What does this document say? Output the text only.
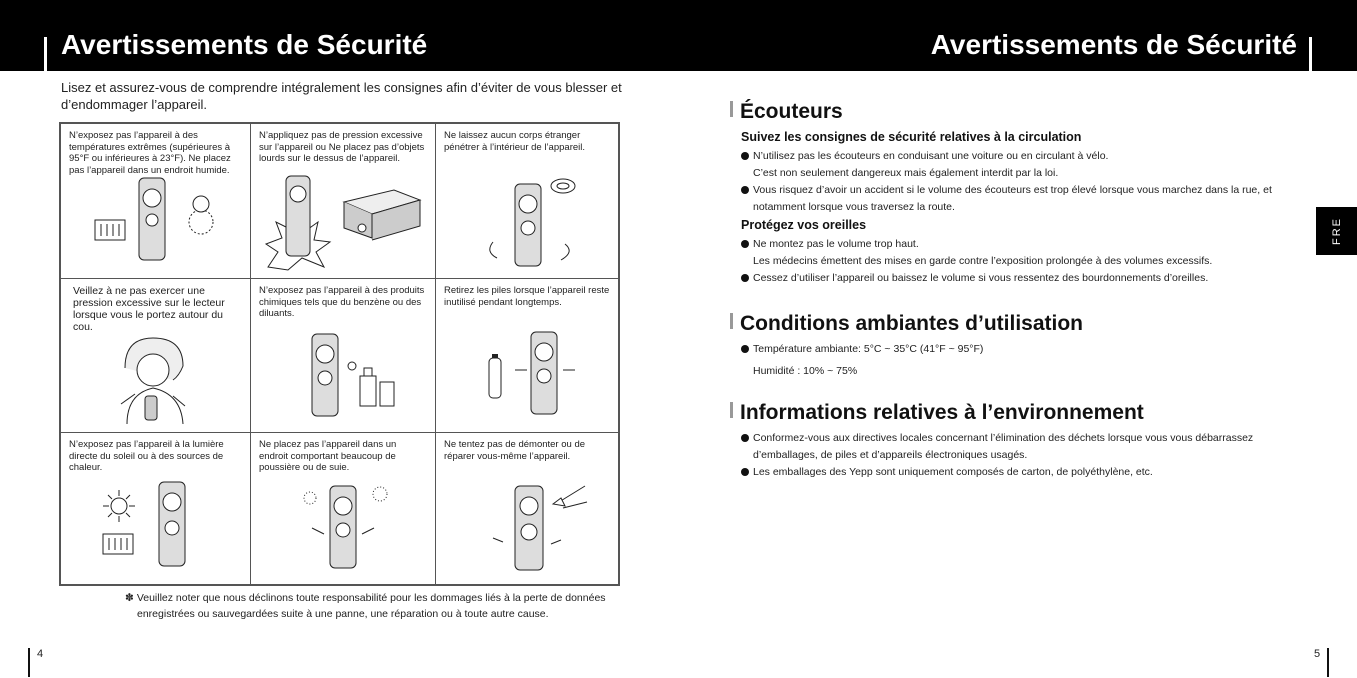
Avertissements de Sécurité	Avertissements de Sécurité
Lisez et assurez-vous de comprendre intégralement les consignes afin d’éviter de vous blesser et d’endommager l’appareil.
N’exposez pas l’appareil à des températures extrêmes (supérieures à 95°F ou inférieures à 23°F). Ne placez pas l’appareil dans un endroit humide.
N’appliquez pas de pression excessive sur l’appareil ou Ne placez pas d’objets lourds sur le dessus de l’appareil.
Ne laissez aucun corps étranger pénétrer à l’intérieur de l’appareil.
Veillez à ne pas exercer une pression excessive sur le lecteur lorsque vous le portez autour du cou.
N’exposez pas l’appareil à des produits chimiques tels que du benzène ou des diluants.
Retirez les piles lorsque l’appareil reste inutilisé pendant longtemps.
N’exposez pas l’appareil à la lumière directe du soleil ou à des sources de chaleur.
Ne placez pas l’appareil dans un endroit comportant beaucoup de poussière ou de suie.
Ne tentez pas de démonter ou de réparer vous-même l’appareil.
✽ Veuillez noter que nous déclinons toute responsabilité pour les dommages liés à la perte de données
enregistrées ou sauvegardées suite à une panne, une réparation ou à toute autre cause.
4
Écouteurs
Suivez les consignes de sécurité relatives à la circulation
N’utilisez pas les écouteurs en conduisant une voiture ou en circulant à vélo.
C’est non seulement dangereux mais également interdit par la loi.
Vous risquez d’avoir un accident si le volume des écouteurs est trop élevé lorsque vous marchez dans la rue, et
notamment lorsque vous traversez la route.
Protégez vos oreilles
Ne montez pas le volume trop haut.
Les médecins émettent des mises en garde contre l’exposition prolongée à des volumes excessifs.
Cessez d’utiliser l’appareil ou baissez le volume si vous ressentez des bourdonnements d’oreilles.
Conditions ambiantes d’utilisation
Température ambiante: 5°C ~ 35°C (41°F ~ 95°F)
Humidité : 10% ~ 75%
Informations relatives à l’environnement
Conformez-vous aux directives locales concernant l’élimination des déchets lorsque vous vous débarrassez
d’emballages, de piles et d’appareils électroniques usagés.
Les emballages des Yepp sont uniquement composés de carton, de polyéthylène, etc.
FRE
5
